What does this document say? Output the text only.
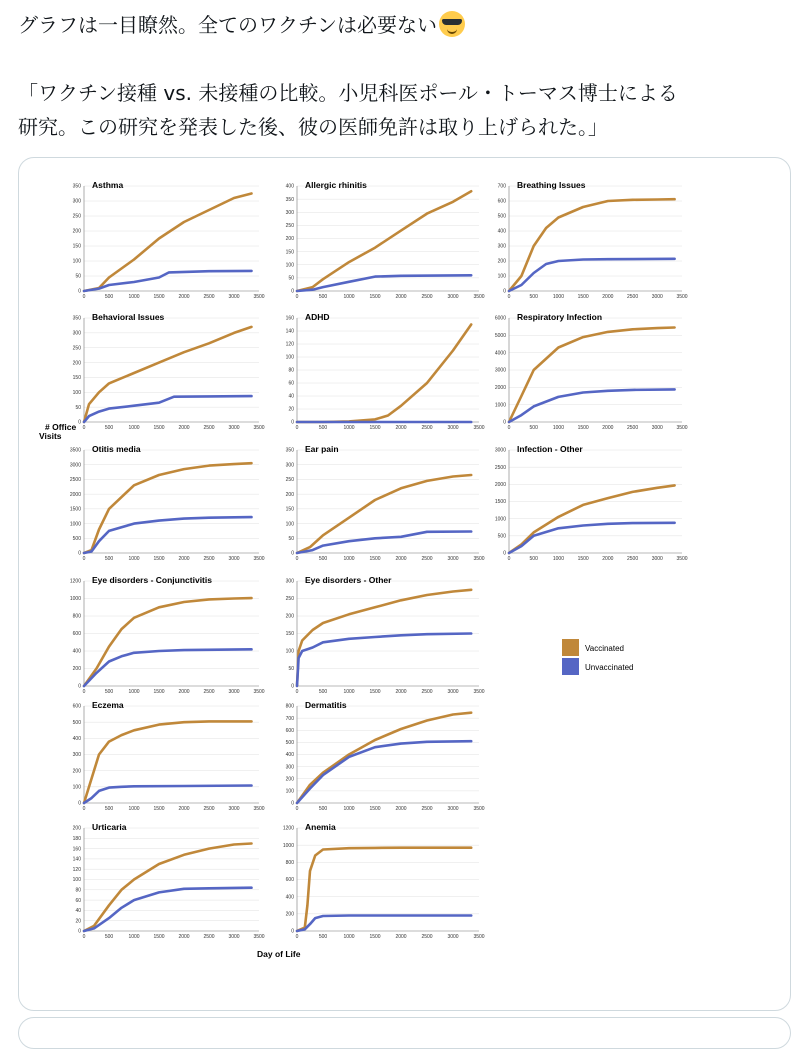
グラフは一目瞭然。全てのワクチンは必要ない

「ワクチン接種 vs. 未接種の比較。小児科医ポール・トーマス博士による

研究。この研究を発表した後、彼の医師免許は取り上げられた。」

# Office
Visits
Day of Life
Vaccinated
Unvaccinated
0
50
100
150
200
250
300
350
0	500	1000	1500	2000	2500	3000	3500
Asthma
0
50
100
150
200
250
300
350
400
0	500	1000	1500	2000	2500	3000	3500
Allergic rhinitis
0
100
200
300
400
500
600
700
0	500	1000	1500	2000	2500	3000	3500
Breathing Issues
0
50
100
150
200
250
300
350
0	500	1000	1500	2000	2500	3000	3500
Behavioral Issues
0
20
40
60
80
100
120
140
160
0	500	1000	1500	2000	2500	3000	3500
ADHD
0
1000
2000
3000
4000
5000
6000
0	500	1000	1500	2000	2500	3000	3500
Respiratory Infection
0
500
1000
1500
2000
2500
3000
3500
0	500	1000	1500	2000	2500	3000	3500
Otitis media
0
50
100
150
200
250
300
350
0	500	1000	1500	2000	2500	3000	3500
Ear pain
0
500
1000
1500
2000
2500
3000
0	500	1000	1500	2000	2500	3000	3500
Infection - Other
0
200
400
600
800
1000
1200
0	500	1000	1500	2000	2500	3000	3500
Eye disorders - Conjunctivitis
0
50
100
150
200
250
300
0	500	1000	1500	2000	2500	3000	3500
Eye disorders - Other
0
100
200
300
400
500
600
0	500	1000	1500	2000	2500	3000	3500
Eczema
0
100
200
300
400
500
600
700
800
0	500	1000	1500	2000	2500	3000	3500
Dermatitis
0
20
40
60
80
100
120
140
160
180
200
0	500	1000	1500	2000	2500	3000	3500
Urticaria
0
200
400
600
800
1000
1200
0	500	1000	1500	2000	2500	3000	3500
Anemia
